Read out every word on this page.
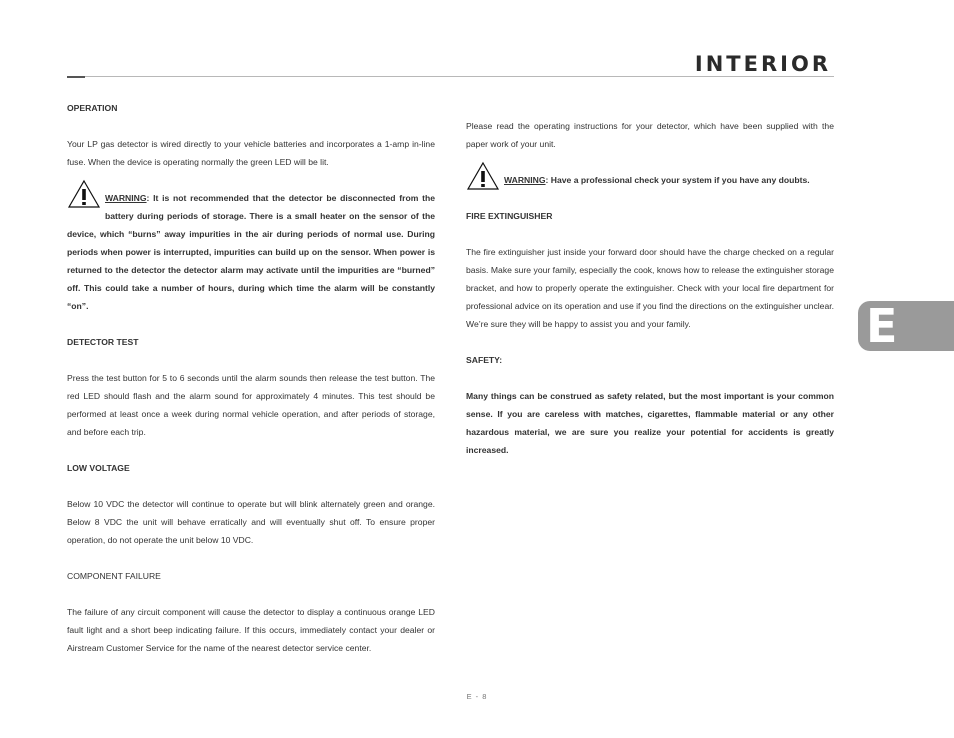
INTERIOR

OPERATION

Your LP gas detector is wired directly to your vehicle batteries and incorporates a 1-amp in-line fuse. When the device is operating normally the green LED will be lit.

WARNING: It is not recommended that the detector be disconnected from the battery during periods of storage. There is a small heater on the sensor of the device, which “burns” away impurities in the air during periods of normal use. During periods when power is interrupted, impurities can build up on the sensor. When power is returned to the detector the detector alarm may activate until the impurities are “burned” off. This could take a number of hours, during which time the alarm will be constantly “on”.

DETECTOR TEST

Press the test button for 5 to 6 seconds until the alarm sounds then release the test button. The red LED should flash and the alarm sound for approximately 4 minutes. This test should be performed at least once a week during normal vehicle operation, and after periods of storage, and before each trip.

LOW VOLTAGE

Below 10 VDC the detector will continue to operate but will blink alternately green and orange. Below 8 VDC the unit will behave erratically and will eventually shut off. To ensure proper operation, do not operate the unit below 10 VDC.

COMPONENT FAILURE

The failure of any circuit component will cause the detector to display a continuous orange LED fault light and a short beep indicating failure. If this occurs, immediately contact your dealer or Airstream Customer Service for the name of the nearest detector service center.

Please read the operating instructions for your detector, which have been supplied with the paper work of your unit.

WARNING: Have a professional check your system if you have any doubts.

FIRE EXTINGUISHER

The fire extinguisher just inside your forward door should have the charge checked on a regular basis. Make sure your family, especially the cook, knows how to release the extinguisher storage bracket, and how to properly operate the extinguisher. Check with your local fire department for professional advice on its operation and use if you find the directions on the extinguisher unclear. We’re sure they will be happy to assist you and your family.

SAFETY:

Many things can be construed as safety related, but the most important is your common sense. If you are careless with matches, cigarettes, flammable material or any other hazardous material, we are sure you realize your potential for accidents is greatly increased.

E
E - 8
